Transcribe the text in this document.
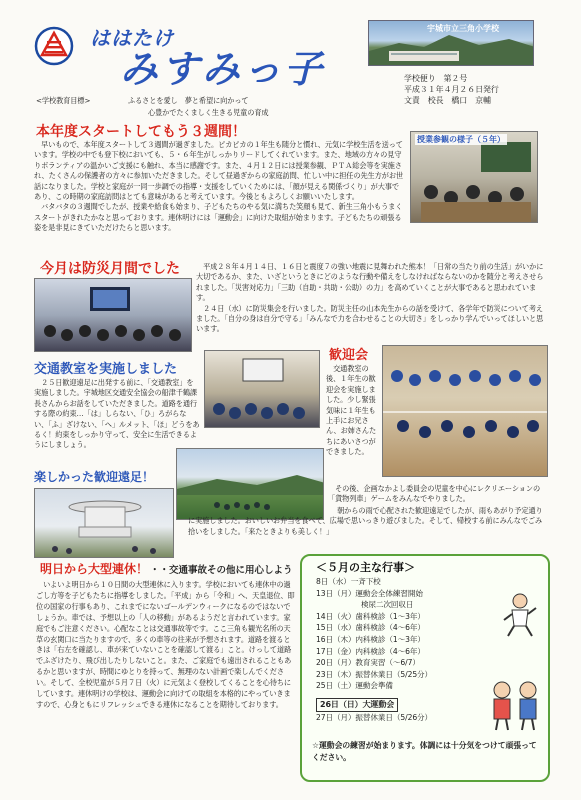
ははたけ
みすみっ子
宇城市立三角小学校
<学校教育目標>	ふるさとを愛し　夢と希望に向かって
心豊かでたくましく生きる児童の育成
学校便り　第２号
平成３１年４月２６日発行
文責　校長　橋口　京輔
本年度スタートしてもう３週間！	授業参観の様子（５年）
　早いもので、本年度スタートして３週間が過ぎました。ピカピカの１年生も随分と慣れ、元気に学校生活を送っています。学校の中でも登下校においても、５・６年生がしっかりリードしてくれています。また、地域の方々の見守りボランティアの温かいご支援にも触れ、本当に感謝です。また、４月１２日には授業参観、ＰＴＡ総会等を実施され、たくさんの保護者の方々に参加いただきました。そして昼過ぎからの家庭訪問、忙しい中に担任の先生方がお世話になりました。学校と家庭が一同一歩調での指導・支援をしていくためには、「顔が見える関係づくり」が大事であり、この時期の家庭訪問はとても意味があると考えています。今後ともよろしくお願いいたします。
　バタバタの３週間でしたが、授業や給食も始まり、子どもたちのやる気に満ちた笑顔も見て、新生三角小もうまくスタートがきれたかなと思っております。連休明けには「運動会」に向けた取組が始まります。子どもたちの頑張る姿を是非見にきていただけたらと思います。
今月は防災月間でした	　平成２８年４月１４日、１６日と震度７の強い地震に見舞われた熊本！「日常の当たり前の生活」がいかに大切であるか、また、いざというときにどのような行動や備えをしなければならないのかを随分と考えさせられました。「災害対応力」「三助（自助・共助・公助）の力」を高めていくことが大事であると思われています。
　２４日（水）に防災集会を行いました。防災主任の山本先生からの話を受けて、各学年で防災について考えました。「自分の身は自分で守る」「みんなで力を合わせることの大切さ」をしっかり学んでいってほしいと思います。
交通教室を実施しました
　２５日歓迎遠足に出発する前に、「交通教室」を実施しました。宇城地区交通安全協会の船津千鶴課長さんからお話をしていただきました。道路を通行する際の約束…「は」しらない、「ひ」ろがらない、「ふ」ざけない、「へ」ルメット、「ほ」どうをあるく！約束をしっかり守って、安全に生活できるようにしましょう。
歓迎会
　交通教室の後、１年生の歓迎会を実施しました。少し緊張気味に１年生も上手にお兄さん、お姉さんたちにあいさつができました。
　その後、企画なかよし委員会の児童を中心にレクリエーションの「貨物列車」ゲームをみんなでやりました。
楽しかった歓迎遠足！
　朝からの雨で心配された歓迎遠足でしたが、雨もあがり予定通りに実施しました。おいしいお弁当を食べて、広場で思いっきり遊びました。そして、帰校する前にみんなでごみ拾いをしました。「来たときよりも美しく！」
明日から大型連休！ ・・交通事故その他に用心しよう
　いよいよ明日から１０日間の大型連休に入ります。学校においても連休中の過ごし方等を子どもたちに指導をしました。「平成」から「令和」へ、天皇退位、即位の国家の行事もあり、これまでにないゴールデンウィークになるのではないでしょうか。車では、予想以上の「人の移動」があるようだと言われています。家庭でもご注意ください。心配なことは交通事故等です。ここ三角も観光名所の天草の玄関口に当たりますので、多くの車等の往来が予想されます。道路を渡るときは「右左を確認し、車が来ていないことを確認して渡る」こと。けっして道路でふざけたり、飛び出したりしないこと。また、ご家庭でも遠出されることもあるかと思いますが、時間にゆとりを持って、無理のない計画で楽しんでください。そして、全校児童が５月７日（火）に元気よく登校してくることを心待ちにしています。連休明けの学校は、運動会に向けての取組を本格的にやっていきますので、心身ともにリフレッシュできる連休になることを期待しております。
＜５月の主な行事＞
8日（水）一斉下校
13日（月）運動会全体練習開始
　　　　　　検尿二次回収日
14日（火）歯科検診（1〜3年）
15日（水）歯科検診（4〜6年）
16日（木）内科検診（1〜3年）
17日（金）内科検診（4〜6年）
20日（月）教育実習（〜6/7）
23日（木）振替休業日（5/25分）
25日（土）運動会準備
26日（日）大運動会
27日（月）振替休業日（5/26分）
☆運動会の練習が始まります。体調には十分気をつけて頑張ってください。
